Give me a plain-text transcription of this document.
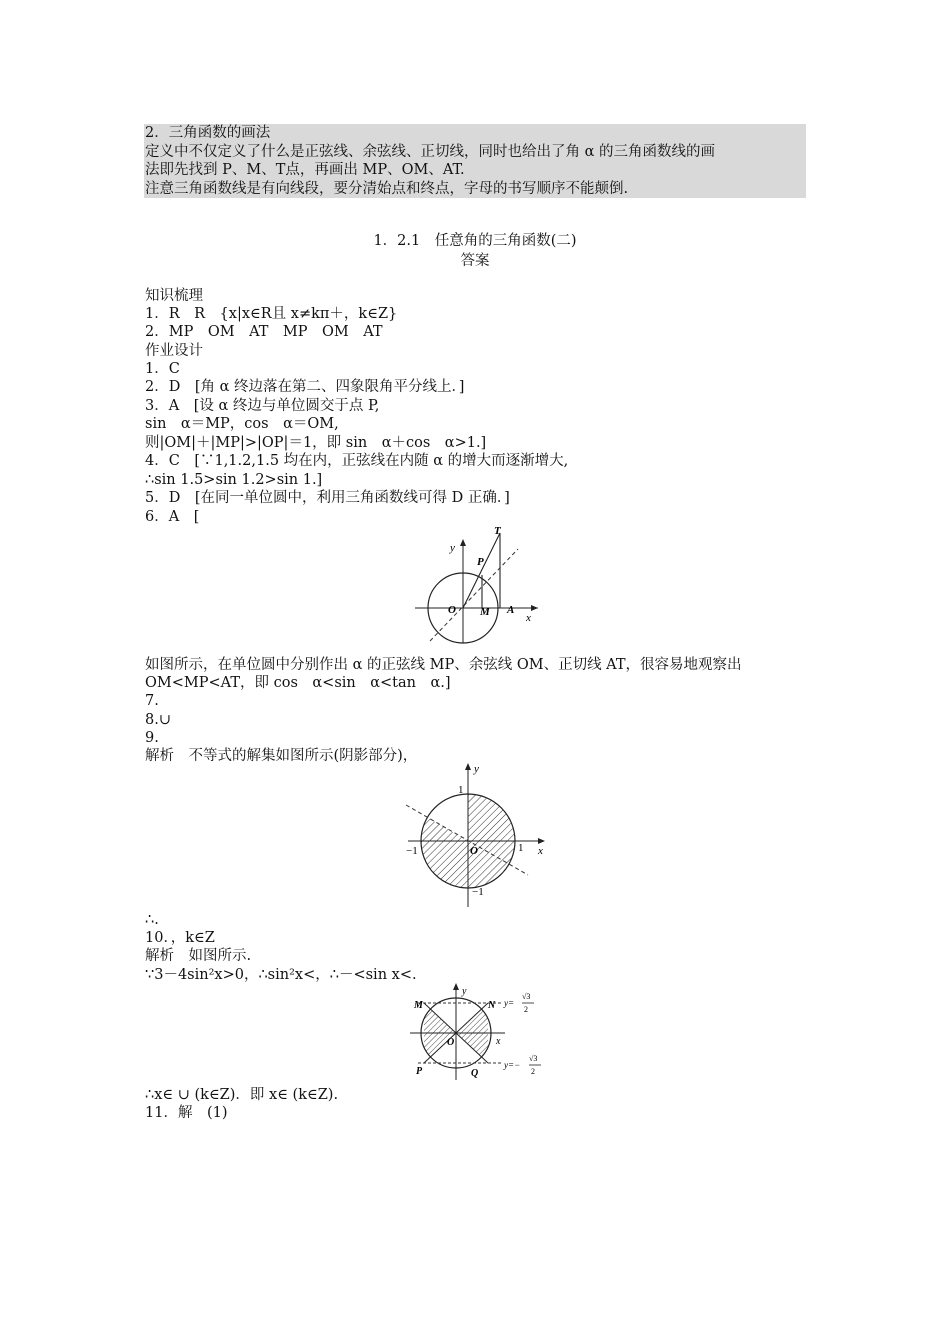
2．三角函数的画法
定义中不仅定义了什么是正弦线、余弦线、正切线，同时也给出了角 α 的三角函数线的画
法即先找到 P、M、T点，再画出 MP、OM、AT.
注意三角函数线是有向线段，要分清始点和终点，字母的书写顺序不能颠倒.
1．2.1　任意角的三角函数(二)
答案
知识梳理
1．R　R　{x|x∈R且 x≠kπ＋，k∈Z}
2．MP　OM　AT　MP　OM　AT
作业设计
1．C
2．D　[角 α 终边落在第二、四象限角平分线上．]
3．A　[设 α 终边与单位圆交于点 P,
sin　α＝MP，cos　α＝OM,
则|OM|＋|MP|>|OP|＝1，即 sin　α＋cos　α>1.]
4．C　[∵1,1.2,1.5 均在内，正弦线在内随 α 的增大而逐渐增大,
∴sin 1.5>sin 1.2>sin 1.]
5．D　[在同一单位圆中，利用三角函数线可得 D 正确．]
6．A　[
y
x
O M A
P
T
如图所示，在单位圆中分别作出 α 的正弦线 MP、余弦线 OM、正切线 AT，很容易地观察出
OM<MP<AT，即 cos　α<sin　α<tan　α.]
7.
8.∪
9.
解析　不等式的解集如图所示(阴影部分)，
y
x
O
1
1
−1
−1
∴.
10．，k∈Z
解析　如图所示.
∵3－4sin²x>0，∴sin²x<，∴－<sin x<.
y
x
O
M	N
P	Q
y=
√3
2
y=−
√3
2
∴x∈ ∪ (k∈Z)．即 x∈ (k∈Z).
11．解　(1)
